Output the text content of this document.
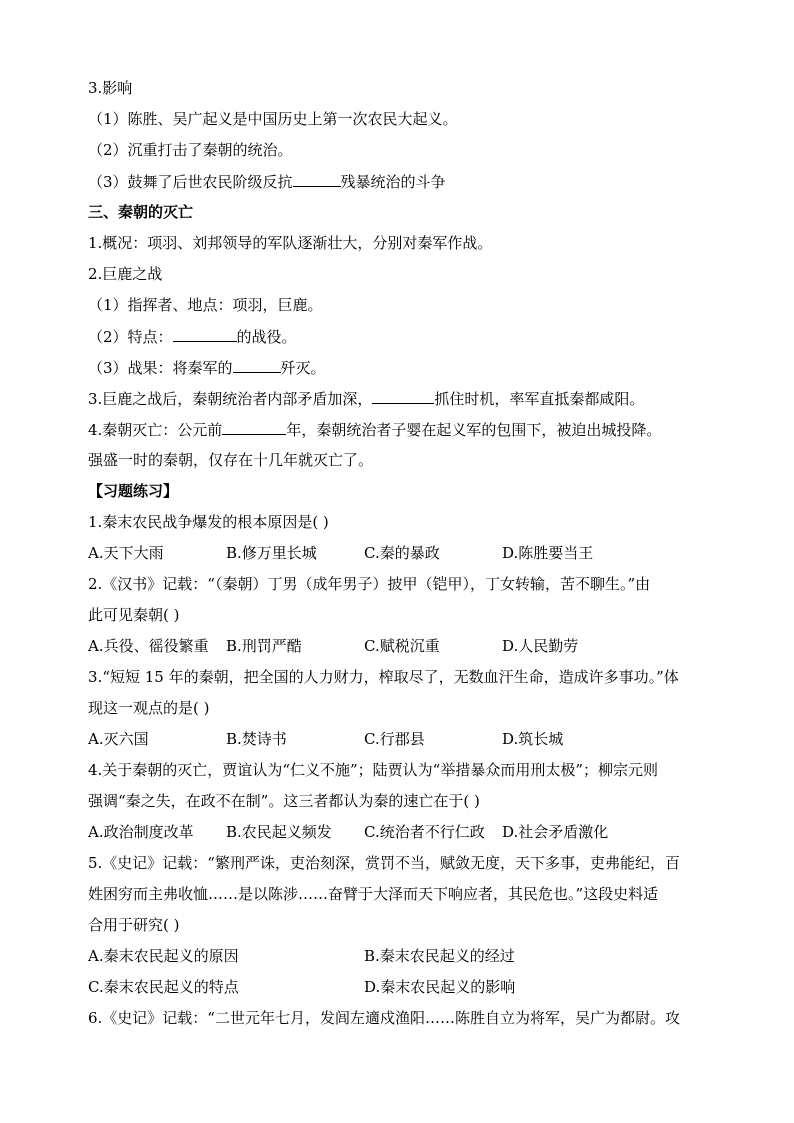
3.影响
（1）陈胜、吴广起义是中国历史上第一次农民大起义。
（2）沉重打击了秦朝的统治。
（3）鼓舞了后世农民阶级反抗	残暴统治的斗争
三、秦朝的灭亡
1.概况：项羽、刘邦领导的军队逐渐壮大，分别对秦军作战。
2.巨鹿之战
（1）指挥者、地点：项羽，巨鹿。
（2）特点：	的战役。
（3）战果：将秦军的	歼灭。
3.巨鹿之战后，秦朝统治者内部矛盾加深，	抓住时机，率军直抵秦都咸阳。
4.秦朝灭亡：公元前	年，秦朝统治者子婴在起义军的包围下，被迫出城投降。
强盛一时的秦朝，仅存在十几年就灭亡了。
【习题练习】
1.秦末农民战争爆发的根本原因是( )
A.天下大雨	B.修万里长城	C.秦的暴政	D.陈胜要当王
2.《汉书》记载：“（秦朝）丁男（成年男子）披甲（铠甲），丁女转输，苦不聊生。”由
此可见秦朝( )
A.兵役、徭役繁重 B.刑罚严酷	C.赋税沉重	D.人民勤劳
3.“短短 15 年的秦朝，把全国的人力财力，榨取尽了，无数血汗生命，造成许多事功。”体
现这一观点的是( )
A.灭六国	B.焚诗书	C.行郡县	D.筑长城
4.关于秦朝的灭亡，贾谊认为“仁义不施”；陆贾认为“举措暴众而用刑太极”；柳宗元则
强调“秦之失，在政不在制”。这三者都认为秦的速亡在于( )
A.政治制度改革 B.农民起义频发 C.统治者不行仁政 D.社会矛盾激化
5.《史记》记载：“繁刑严诛，吏治刻深，赏罚不当，赋敛无度，天下多事，吏弗能纪，百
姓困穷而主弗收恤……是以陈涉……奋臂于大泽而天下响应者，其民危也。”这段史料适
合用于研究( )
A.秦末农民起义的原因	B.秦末农民起义的经过
C.秦末农民起义的特点	D.秦末农民起义的影响
6.《史记》记载：“二世元年七月，发闾左適戍渔阳……陈胜自立为将军，吴广为都尉。攻
